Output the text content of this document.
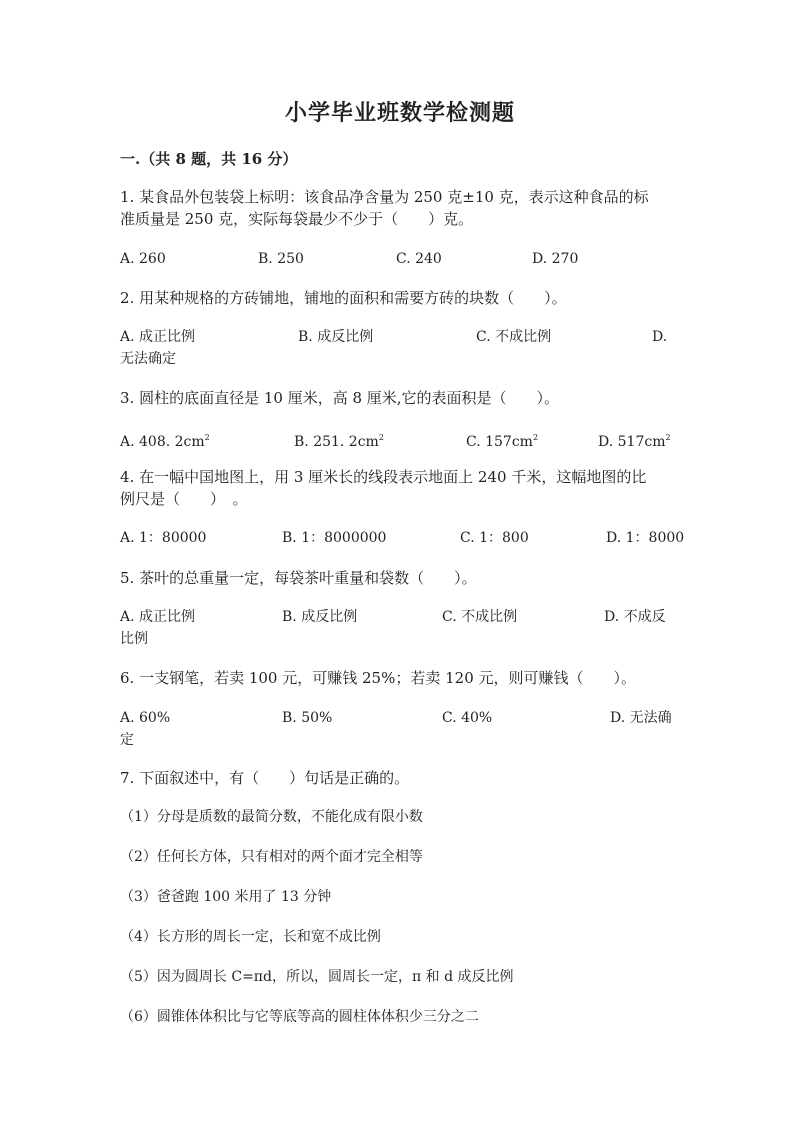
小学毕业班数学检测题
一.（共 8 题，共 16 分）
1. 某食品外包装袋上标明：该食品净含量为 250 克±10 克，表示这种食品的标
准质量是 250 克，实际每袋最少不少于（　　）克。
A. 260	B. 250	C. 240	D. 270
2. 用某种规格的方砖铺地，铺地的面积和需要方砖的块数（　　）。
A. 成正比例	B. 成反比例	C. 不成比例	D.
无法确定
3. 圆柱的底面直径是 10 厘米，高 8 厘米,它的表面积是（　　）。
A. 408. $2cm^2$	B. 251. $2cm^2$	C. $157cm^2$	D. $517cm^2$
4. 在一幅中国地图上，用 3 厘米长的线段表示地面上 240 千米，这幅地图的比
例尺是（　　）　。
A. 1：80000	B. 1：8000000	C. 1：800	D. 1：8000
5. 茶叶的总重量一定，每袋茶叶重量和袋数（　　）。
A. 成正比例	B. 成反比例	C. 不成比例	D. 不成反
比例
6. 一支钢笔，若卖 100 元，可赚钱 25%；若卖 120 元，则可赚钱（　　）。
A. 60%	B. 50%	C. 40%	D. 无法确
定
7. 下面叙述中，有（　　）句话是正确的。
（1）分母是质数的最简分数，不能化成有限小数
（2）任何长方体，只有相对的两个面才完全相等
（3）爸爸跑 100 米用了 13 分钟
（4）长方形的周长一定，长和宽不成比例
（5）因为圆周长 C=πd，所以，圆周长一定，π 和 d 成反比例
（6）圆锥体体积比与它等底等高的圆柱体体积少三分之二
